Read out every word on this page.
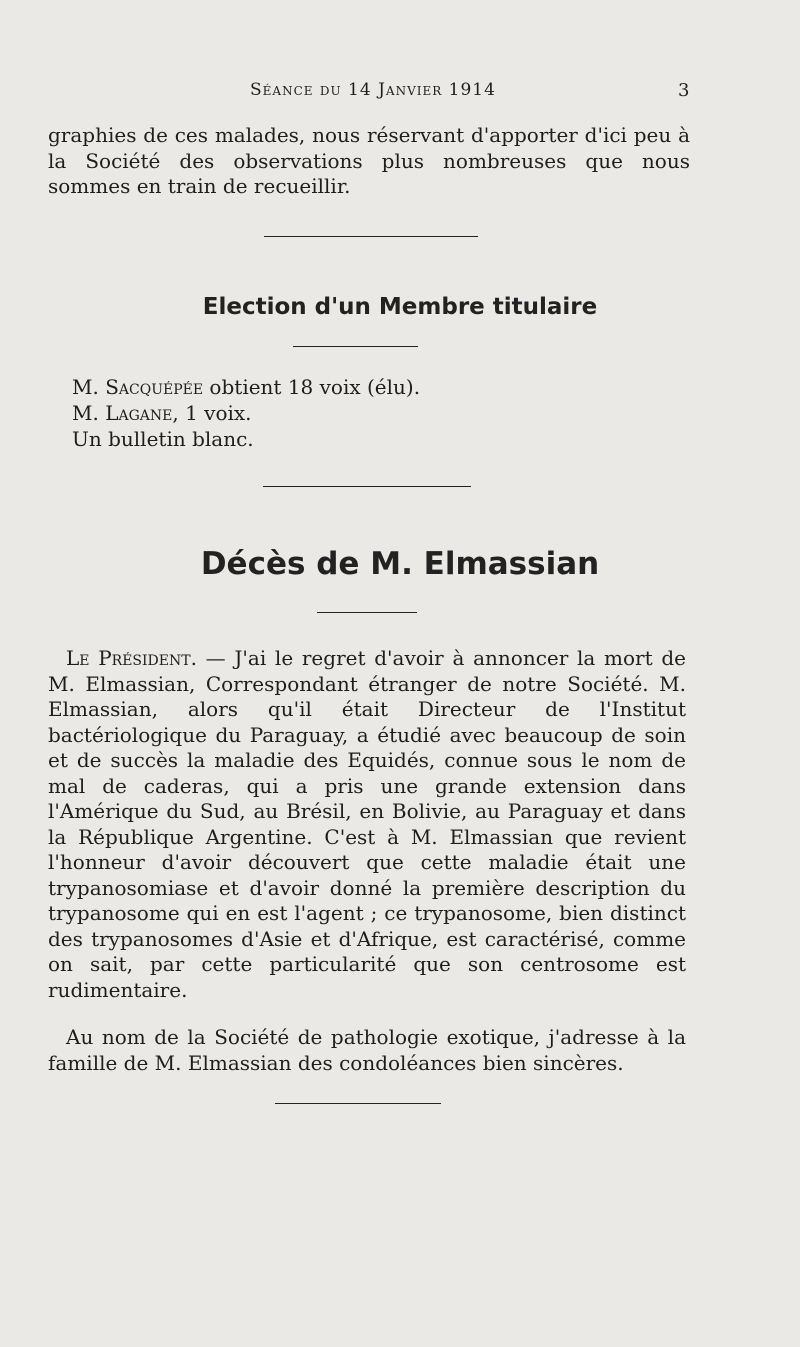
Séance du 14 Janvier 1914	3

graphies de ces malades, nous réservant d'apporter d'ici peu à la Société des observations plus nombreuses que nous sommes en train de recueillir.

Election d'un Membre titulaire
M. Sacquépée obtient 18 voix (élu).
M. Lagane, 1 voix.
Un bulletin blanc.
Décès de M. Elmassian

Le Président. — J'ai le regret d'avoir à annoncer la mort de M. Elmassian, Correspondant étranger de notre Société. M. Elmassian, alors qu'il était Directeur de l'Institut bactériologique du Paraguay, a étudié avec beaucoup de soin et de succès la maladie des Equidés, connue sous le nom de mal de caderas, qui a pris une grande extension dans l'Amérique du Sud, au Brésil, en Bolivie, au Paraguay et dans la République Argentine. C'est à M. Elmassian que revient l'honneur d'avoir découvert que cette maladie était une trypanosomiase et d'avoir donné la première description du trypanosome qui en est l'agent ; ce trypanosome, bien distinct des trypanosomes d'Asie et d'Afrique, est caractérisé, comme on sait, par cette particularité que son centrosome est rudimentaire.

Au nom de la Société de pathologie exotique, j'adresse à la famille de M. Elmassian des condoléances bien sincères.
